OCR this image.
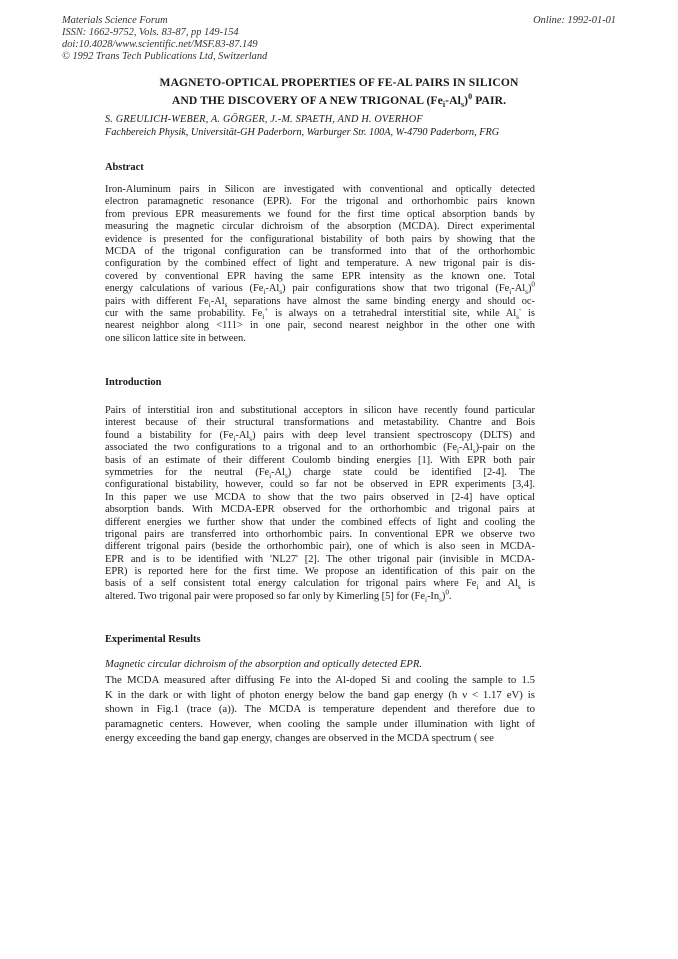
Materials Science Forum
ISSN: 1662-9752, Vols. 83-87, pp 149-154
doi:10.4028/www.scientific.net/MSF.83-87.149
© 1992 Trans Tech Publications Ltd, Switzerland
Online: 1992-01-01
MAGNETO-OPTICAL PROPERTIES OF FE-AL PAIRS IN SILICON
AND THE DISCOVERY OF A NEW TRIGONAL $(Fe_i-Al_s)^0$ PAIR.
S. GREULICH-WEBER, A. GÖRGER, J.-M. SPAETH, AND H. OVERHOF
Fachbereich Physik, Universität-GH Paderborn, Warburger Str. 100A, W-4790 Paderborn, FRG
Abstract
Iron-Aluminum pairs in Silicon are investigated with conventional and optically detected
electron paramagnetic resonance (EPR). For the trigonal and orthorhombic pairs known
from previous EPR measurements we found for the first time optical absorption bands by
measuring the magnetic circular dichroism of the absorption (MCDA). Direct experimental
evidence is presented for the configurational bistability of both pairs by showing that the
MCDA of the trigonal configuration can be transformed into that of the orthorhombic
configuration by the combined effect of light and temperature. A new trigonal pair is dis-
covered by conventional EPR having the same EPR intensity as the known one. Total
energy calculations of various $(Fe_i-Al_s)$ pair configurations show that two trigonal $(Fe_i-Al_s)^0$
pairs with different $Fe_i-Al_s$ separations have almost the same binding energy and should oc-
cur with the same probability. $Fe_i^+$ is always on a tetrahedral interstitial site, while $Al_s^-$ is
nearest neighbor along <111> in one pair, second nearest neighbor in the other one with
one silicon lattice site in between.
Introduction
Pairs of interstitial iron and substitutional acceptors in silicon have recently found particular
interest because of their structural transformations and metastability. Chantre and Bois
found a bistability for $(Fe_i-Al_s)$ pairs with deep level transient spectroscopy (DLTS) and
associated the two configurations to a trigonal and to an orthorhombic $(Fe_i-Al_s)$-pair on the
basis of an estimate of their different Coulomb binding energies [1]. With EPR both pair
symmetries for the neutral $(Fe_i-Al_s)$ charge state could be identified [2-4]. The
configurational bistability, however, could so far not be observed in EPR experiments [3,4].
In this paper we use MCDA to show that the two pairs observed in [2-4] have optical
absorption bands. With MCDA-EPR observed for the orthorhombic and trigonal pairs at
different energies we further show that under the combined effects of light and cooling the
trigonal pairs are transferred into orthorhombic pairs. In conventional EPR we observe two
different trigonal pairs (beside the orthorhombic pair), one of which is also seen in MCDA-
EPR and is to be identified with 'NL27' [2]. The other trigonal pair (invisible in MCDA-
EPR) is reported here for the first time. We propose an identification of this pair on the
basis of a self consistent total energy calculation for trigonal pairs where $Fe_i$ and $Al_s$ is
altered. Two trigonal pair were proposed so far only by Kimerling [5] for $(Fe_i-In_s)^0$.
Experimental Results
Magnetic circular dichroism of the absorption and optically detected EPR.
The MCDA measured after diffusing Fe into the Al-doped Si and cooling the sample to 1.5
K in the dark or with light of photon energy below the band gap energy (h ν < 1.17 eV) is
shown in Fig.1 (trace (a)). The MCDA is temperature dependent and therefore due to
paramagnetic centers. However, when cooling the sample under illumination with light of
energy exceeding the band gap energy, changes are observed in the MCDA spectrum ( see
